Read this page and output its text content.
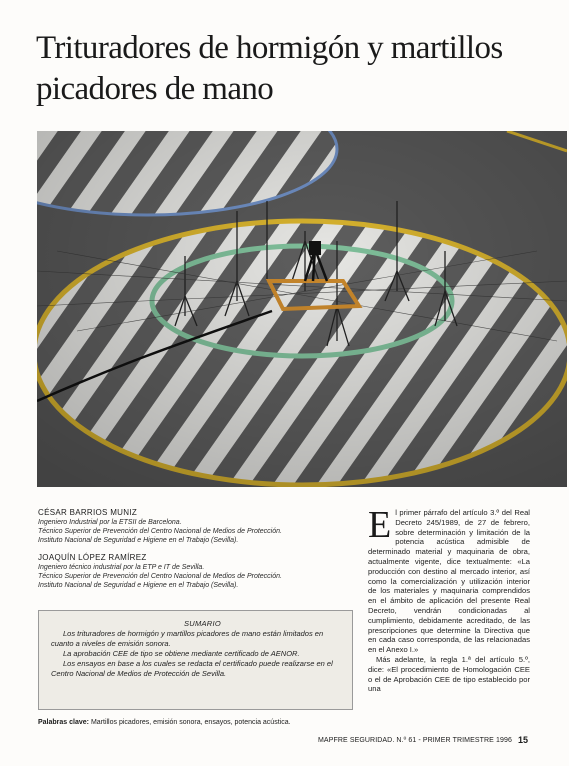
Trituradores de hormigón y martillos picadores de mano

CÉSAR BARRIOS MUNIZ

Ingeniero Industrial por la ETSII de Barcelona.

Técnico Superior de Prevención del Centro Nacional de Medios de Protección.

Instituto Nacional de Seguridad e Higiene en el Trabajo (Sevilla).

JOAQUÍN LÓPEZ RAMÍREZ

Ingeniero técnico industrial por la ETP e IT de Sevilla.

Técnico Superior de Prevención del Centro Nacional de Medios de Protección.

Instituto Nacional de Seguridad e Higiene en el Trabajo (Sevilla).

SUMARIO

Los trituradores de hormigón y martillos picadores de mano están limitados en cuanto a niveles de emisión sonora.

La aprobación CEE de tipo se obtiene mediante certificado de AENOR.

Los ensayos en base a los cuales se redacta el certificado puede realizarse en el Centro Nacional de Medios de Protección de Sevilla.

Palabras clave: Martillos picadores, emisión sonora, ensayos, potencia acústica.

E l primer párrafo del artículo 3.º del Real Decreto 245/1989, de 27 de febrero, sobre determinación y limitación de la potencia acústica admisible de determinado material y maquinaria de obra, actualmente vigente, dice textualmente: «La producción con destino al mercado interior, así como la comercialización y utilización interior de los materiales y maquinaria comprendidos en el ámbito de aplicación del presente Real Decreto, vendrán condicionadas al cumplimiento, debidamente acreditado, de las prescripciones que determine la Directiva que en cada caso corresponda, de las relacionadas en el Anexo I.»

Más adelante, la regla 1.ª del artículo 5.º, dice: «El procedimiento de Homologación CEE o el de Aprobación CEE de tipo establecido por una

MAPFRE SEGURIDAD. N.º 61 - PRIMER TRIMESTRE 1996 15
